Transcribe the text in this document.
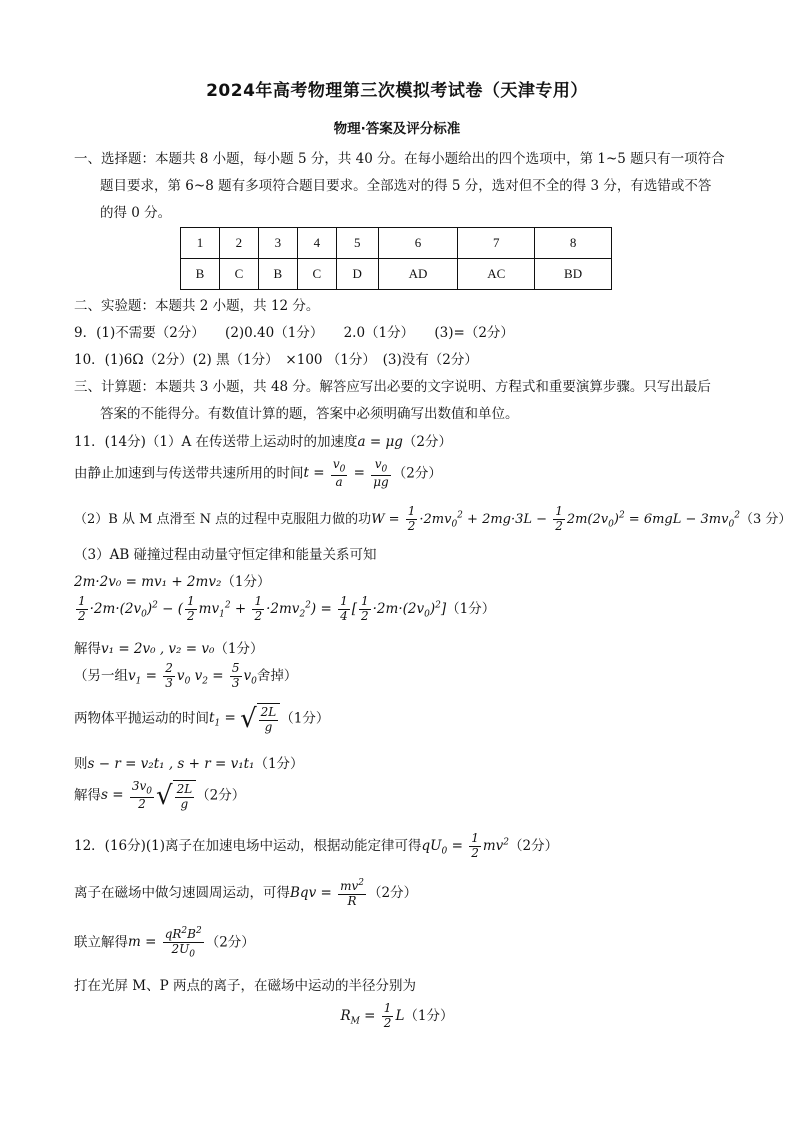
2024年高考物理第三次模拟考试卷（天津专用）
物理·答案及评分标准
一、选择题：本题共 8 小题，每小题 5 分，共 40 分。在每小题给出的四个选项中，第 1~5 题只有一项符合
题目要求，第 6~8 题有多项符合题目要求。全部选对的得 5 分，选对但不全的得 3 分，有选错或不答
的得 0 分。
1	2	3	4	5	6	7	8
B	C	B	C	D	AD	AC	BD
二、实验题：本题共 2 小题，共 12 分。
9．(1)不需要（2分）　　(2)0.40（1分）　　2.0（1分）　　(3)=（2分）
10．(1)6Ω（2分）(2) 黑（1分）　×100 （1分）　(3)没有（2分）
三、计算题：本题共 3 小题，共 48 分。解答应写出必要的文字说明、方程式和重要演算步骤。只写出最后
答案的不能得分。有数值计算的题，答案中必须明确写出数值和单位。
11．(14分)（1）A 在传送带上运动时的加速度a = μg（2分）
由静止加速到与传送带共速所用的时间$t = \frac{v_0}{a} = \frac{v_0}{\mu g} (2$分）
（2）B 从 M 点滑至 N 点的过程中克服阻力做的功$W = \frac{1}{2} \cdot 2mv_0^2 + 2mg\cdot 3L - \frac{1}{2} 2m(2v_0)^2 = 6mgL - 3mv_0^2(3$ 分）
（3）AB 碰撞过程由动量守恒定律和能量关系可知
2m·2v₀ = mv₁ + 2mv₂（1分）
$\frac{1}{2} \cdot 2m\cdot(2v_0)^2$ − ( $\frac{1}{2} mv_1^2 + \frac{1}{2} \cdot 2mv_2^2) = \frac{1}{4}$ [ $\frac{1}{2} \cdot 2m\cdot(2v_0)^2](1$分）
解得v₁ = 2v₀ , v₂ = v₀（1分）
（另一组$v_1 = \frac{2}{3} v_0$ $v_2 = \frac{5}{3} v_0$舍掉）
两物体平抛运动的时间$t_1$ = √ $\frac{2L}{g} (1$分）
则s − r = v₂t₁ , s + r = v₁t₁（1分）
解得$s = \frac{3v_0}{2}$ √ $\frac{2L}{g} (2$分）
12．(16分)(1)离子在加速电场中运动，根据动能定律可得$qU_0 = \frac{1}{2} mv^2(2$分）
离子在磁场中做匀速圆周运动，可得Bqv = $\frac{mv^2}{R} (2$分）
联立解得$m = \frac{qR^2B^2}{2U_0} (2$分）
打在光屏 M、P 两点的离子，在磁场中运动的半径分别为
$R_M = \frac{1}{2} L(1$分）
